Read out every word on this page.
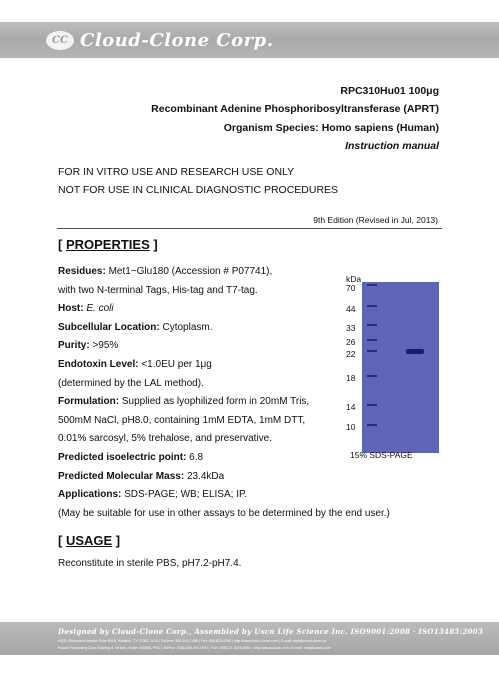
CC Cloud-Clone Corp.
RPC310Hu01 100μg
Recombinant Adenine Phosphoribosyltransferase (APRT)
Organism Species: Homo sapiens (Human)
Instruction manual
FOR IN VITRO USE AND RESEARCH USE ONLY
NOT FOR USE IN CLINICAL DIAGNOSTIC PROCEDURES
9th Edition (Revised in Jul, 2013)
[ PROPERTIES ]
Residues: Met1~Glu180 (Accession # P07741),
with two N-terminal Tags, His-tag and T7-tag.
Host: E. coli
Subcellular Location: Cytoplasm.
Purity: >95%
Endotoxin Level: <1.0EU per 1μg
(determined by the LAL method).
Formulation: Supplied as lyophilized form in 20mM Tris,
500mM NaCl, pH8.0, containing 1mM EDTA, 1mM DTT,
0.01% sarcosyl, 5% trehalose, and preservative.
Predicted isoelectric point: 6.8
Predicted Molecular Mass: 23.4kDa
Applications: SDS-PAGE; WB; ELISA; IP.
(May be suitable for use in other assays to be determined by the end user.)
kDa
70
44
33
26
22
18
14
10
15% SDS-PAGE
[ USAGE ]
Reconstitute in sterile PBS, pH7.2-pH7.4.
Designed by Cloud-Clone Corp., Assembled by Uscn Life Science Inc. ISO9001:2008 · ISO13485:2003
HQTL Richmond Avenue Suite 8016, Houston, TX 77082, USA | Toll-free: 800-600-7489 | Fax: 800-823-9399 | http://www.cloud-clone.com | E-mail: mail@cloud-clone.us
Export Processing Zone Building 8, Wuhan, Hubei 430056, PRC | Tel/Fax: 0086-400-900-0047 | Fax: 0086-27-8425-9551 | http://www.uscnk.com | E-mail: mail@uscnk.com
